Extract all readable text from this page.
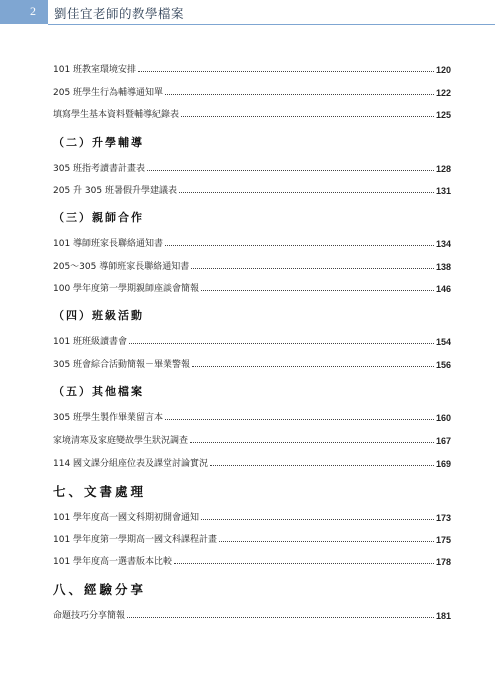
2	劉佳宜老師的教學檔案
101 班教室環境安排	120
205 班學生行為輔導通知單	122
填寫學生基本資料暨輔導紀錄表	125
（二）升學輔導
305 班指考讀書計畫表	128
205 升 305 班暑假升學建議表	131
（三）親師合作
101 導師班家長聯絡通知書	134
205～305 導師班家長聯絡通知書	138
100 學年度第一學期親師座談會簡報	146
（四）班級活動
101 班班級讀書會	154
305 班會綜合活動簡報－畢業警報	156
（五）其他檔案
305 班學生製作畢業留言本	160
家境清寒及家庭變故學生狀況調查	167
114 國文課分組座位表及課堂討論實況	169
七、文書處理
101 學年度高一國文科期初開會通知	173
101 學年度第一學期高一國文科課程計畫	175
101 學年度高一選書版本比較	178
八、經驗分享
命題技巧分享簡報	181
